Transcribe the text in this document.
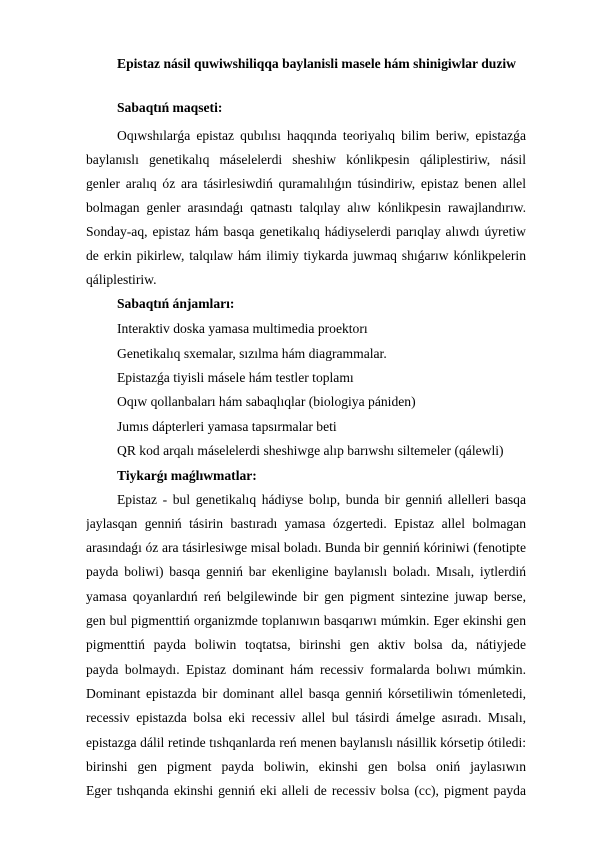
Epistaz násil quwiwshiliqqa baylanisli masele hám shinigiwlar duziw
Sabaqtıń maqseti:
Oqıwshılarǵa epistaz qubılısı haqqında teoriyalıq bilim beriw, epistazǵa
baylanıslı genetikalıq máselelerdi sheshiw kónlikpesin qáliplestiriw, násil
genler aralıq óz ara tásirlesiwdiń quramalılıǵın túsindiriw, epistaz benen allel
bolmagan genler arasındaǵı qatnastı talqılay alıw kónlikpesin rawajlandırıw.
Sonday-aq, epistaz hám basqa genetikalıq hádiyselerdi parıqlay alıwdı úyretiw
de erkin pikirlew, talqılaw hám ilimiy tiykarda juwmaq shıǵarıw kónlikpelerin
qáliplestiriw.
Sabaqtıń ánjamları:
Interaktiv doska yamasa multimedia proektorı
Genetikalıq sxemalar, sızılma hám diagrammalar.
Epistazǵa tiyisli másele hám testler toplamı
Oqıw qollanbaları hám sabaqlıqlar (biologiya pániden)
Jumıs dápterleri yamasa tapsırmalar beti
QR kod arqalı máselelerdi sheshiwge alıp barıwshı siltemeler (qálewli)
Tiykarǵı maǵlıwmatlar:
Epistaz - bul genetikalıq hádiyse bolıp, bunda bir genniń allelleri basqa
jaylasqan genniń tásirin bastıradı yamasa ózgertedi. Epistaz allel bolmagan
arasındaǵı óz ara tásirlesiwge misal boladı. Bunda bir genniń kóriniwi (fenotipte
payda boliwi) basqa genniń bar ekenligine baylanıslı boladı. Mısalı, iytlerdiń
yamasa qoyanlardıń reń belgilewinde bir gen pigment sintezine juwap berse,
gen bul pigmenttiń organizmde toplanıwın basqarıwı múmkin. Eger ekinshi gen
pigmenttiń payda boliwin toqtatsa, birinshi gen aktiv bolsa da, nátiyjede
payda bolmaydı. Epistaz dominant hám recessiv formalarda bolıwı múmkin.
Dominant epistazda bir dominant allel basqa genniń kórsetiliwin tómenletedi,
recessiv epistazda bolsa eki recessiv allel bul tásirdi ámelge asıradı. Mısalı,
epistazga dálil retinde tıshqanlarda reń menen baylanıslı násillik kórsetip ótiledi:
birinshi gen pigment payda boliwin, ekinshi gen bolsa oniń jaylasıwın
Eger tıshqanda ekinshi genniń eki alleli de recessiv bolsa (cc), pigment payda
